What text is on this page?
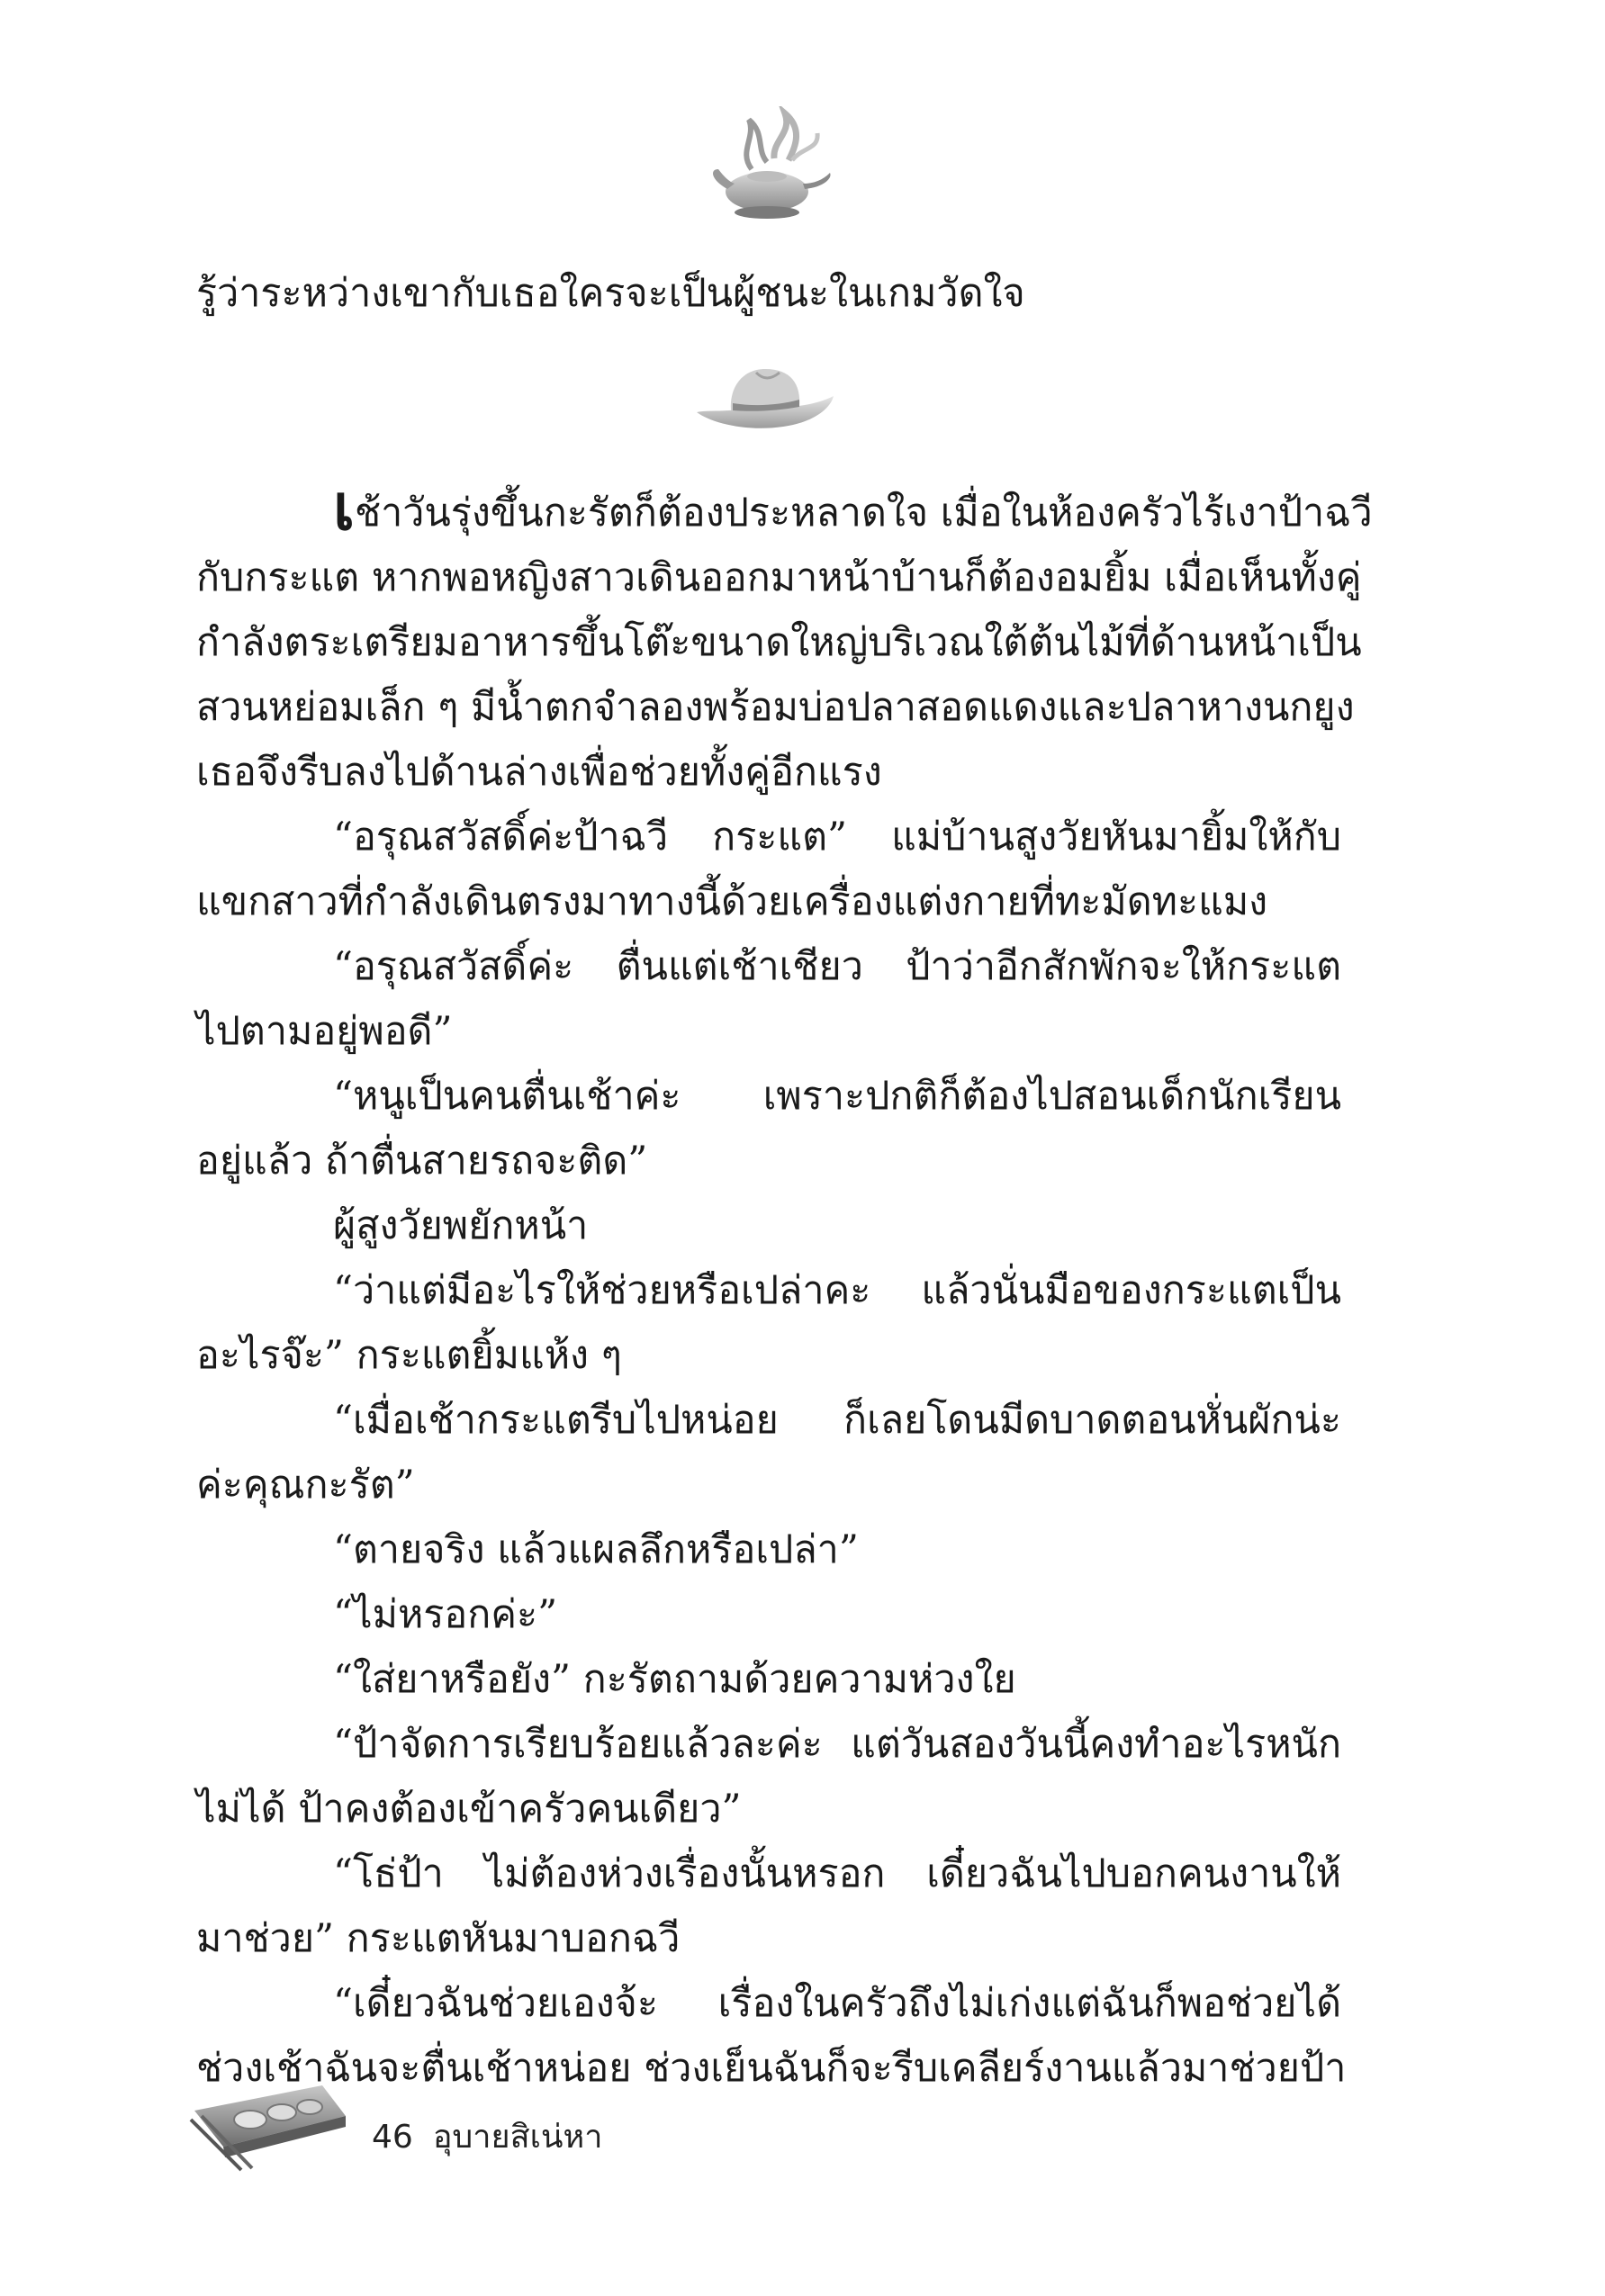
รู้ว่าระหว่างเขากับเธอใครจะเป็นผู้ชนะในเกมวัดใจ
เช้าวันรุ่งขึ้นกะรัตก็ต้องประหลาดใจ เมื่อในห้องครัวไร้เงาป้าฉวี
กับกระแต หากพอหญิงสาวเดินออกมาหน้าบ้านก็ต้องอมยิ้ม เมื่อเห็นทั้งคู่
กำลังตระเตรียมอาหารขึ้นโต๊ะขนาดใหญ่บริเวณใต้ต้นไม้ที่ด้านหน้าเป็น
สวนหย่อมเล็ก ๆ มีน้ำตกจำลองพร้อมบ่อปลาสอดแดงและปลาหางนกยูง
เธอจึงรีบลงไปด้านล่างเพื่อช่วยทั้งคู่อีกแรง
“อรุณสวัสดิ์ค่ะป้าฉวี กระแต” แม่บ้านสูงวัยหันมายิ้มให้กับ
แขกสาวที่กำลังเดินตรงมาทางนี้ด้วยเครื่องแต่งกายที่ทะมัดทะแมง
“อรุณสวัสดิ์ค่ะ ตื่นแต่เช้าเชียว ป้าว่าอีกสักพักจะให้กระแต
ไปตามอยู่พอดี”
“หนูเป็นคนตื่นเช้าค่ะ เพราะปกติก็ต้องไปสอนเด็กนักเรียน
อยู่แล้ว ถ้าตื่นสายรถจะติด”
ผู้สูงวัยพยักหน้า
“ว่าแต่มีอะไรให้ช่วยหรือเปล่าคะ แล้วนั่นมือของกระแตเป็น
อะไรจ๊ะ” กระแตยิ้มแห้ง ๆ
“เมื่อเช้ากระแตรีบไปหน่อย ก็เลยโดนมีดบาดตอนหั่นผักน่ะ
ค่ะคุณกะรัต”
“ตายจริง แล้วแผลลึกหรือเปล่า”
“ไม่หรอกค่ะ”
“ใส่ยาหรือยัง” กะรัตถามด้วยความห่วงใย
“ป้าจัดการเรียบร้อยแล้วละค่ะ แต่วันสองวันนี้คงทำอะไรหนัก
ไม่ได้ ป้าคงต้องเข้าครัวคนเดียว”
“โธ่ป้า ไม่ต้องห่วงเรื่องนั้นหรอก เดี๋ยวฉันไปบอกคนงานให้
มาช่วย” กระแตหันมาบอกฉวี
“เดี๋ยวฉันช่วยเองจ้ะ เรื่องในครัวถึงไม่เก่งแต่ฉันก็พอช่วยได้
ช่วงเช้าฉันจะตื่นเช้าหน่อย ช่วงเย็นฉันก็จะรีบเคลียร์งานแล้วมาช่วยป้า
46 อุบายสิเน่หา
